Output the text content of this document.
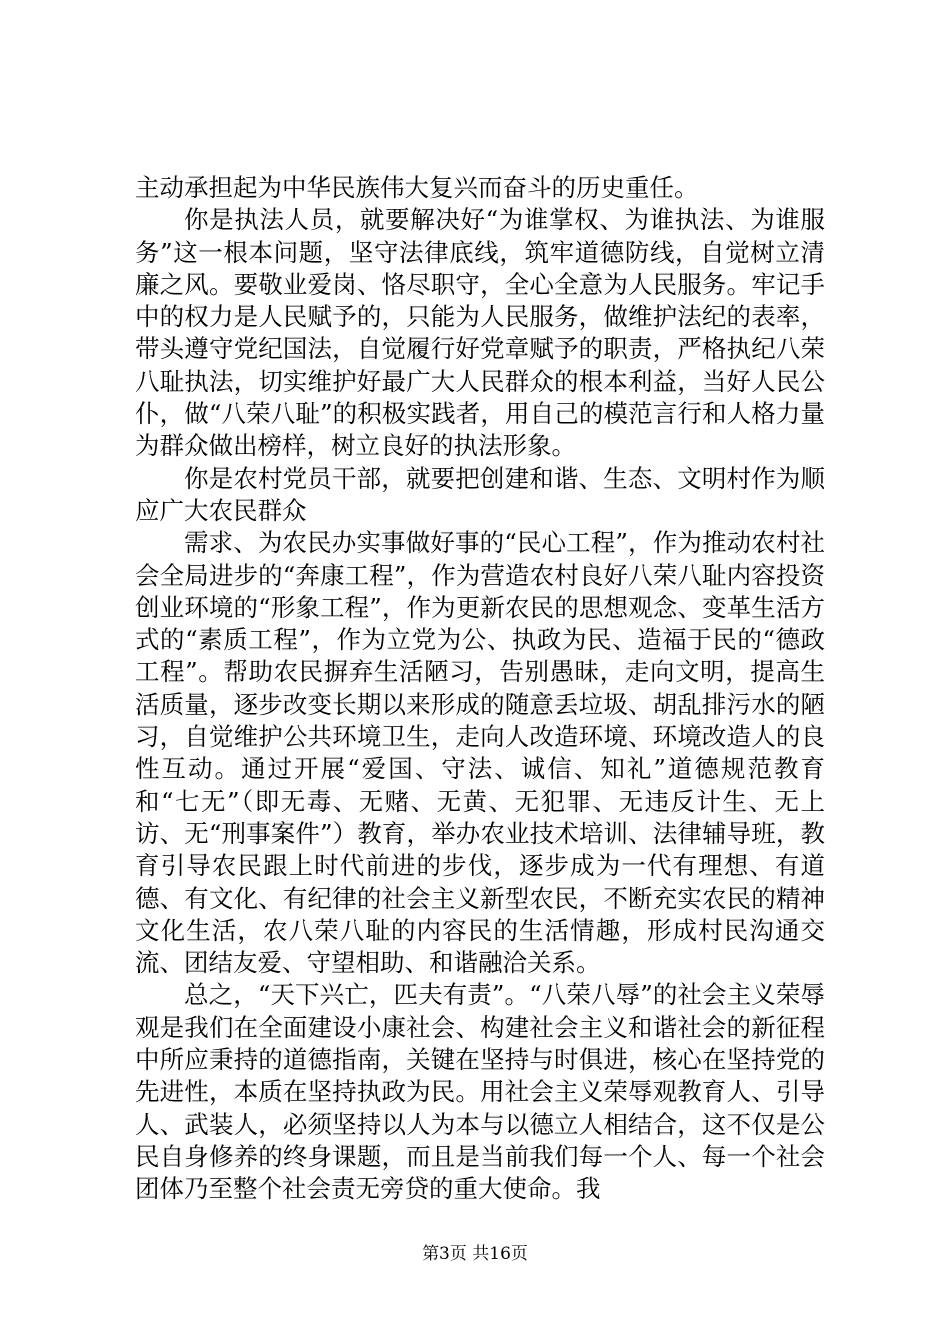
主动承担起为中华民族伟大复兴而奋斗的历史重任。

你是执法人员，就要解决好“为谁掌权、为谁执法、为谁服务”这一根本问题，坚守法律底线，筑牢道德防线，自觉树立清廉之风。要敬业爱岗、恪尽职守，全心全意为人民服务。牢记手中的权力是人民赋予的，只能为人民服务，做维护法纪的表率，带头遵守党纪国法，自觉履行好党章赋予的职责，严格执纪八荣八耻执法，切实维护好最广大人民群众的根本利益，当好人民公仆，做“八荣八耻”的积极实践者，用自己的模范言行和人格力量为群众做出榜样，树立良好的执法形象。

你是农村党员干部，就要把创建和谐、生态、文明村作为顺应广大农民群众

需求、为农民办实事做好事的“民心工程”，作为推动农村社会全局进步的“奔康工程”，作为营造农村良好八荣八耻内容投资创业环境的“形象工程”，作为更新农民的思想观念、变革生活方式的“素质工程”，作为立党为公、执政为民、造福于民的“德政工程”。帮助农民摒弃生活陋习，告别愚昧，走向文明，提高生活质量，逐步改变长期以来形成的随意丢垃圾、胡乱排污水的陋习，自觉维护公共环境卫生，走向人改造环境、环境改造人的良性互动。通过开展“爱国、守法、诚信、知礼”道德规范教育和“七无”（即无毒、无赌、无黄、无犯罪、无违反计生、无上访、无“刑事案件”）教育，举办农业技术培训、法律辅导班，教育引导农民跟上时代前进的步伐，逐步成为一代有理想、有道德、有文化、有纪律的社会主义新型农民，不断充实农民的精神文化生活，农八荣八耻的内容民的生活情趣，形成村民沟通交流、团结友爱、守望相助、和谐融洽关系。

总之，“天下兴亡，匹夫有责”。“八荣八辱”的社会主义荣辱观是我们在全面建设小康社会、构建社会主义和谐社会的新征程中所应秉持的道德指南，关键在坚持与时俱进，核心在坚持党的先进性，本质在坚持执政为民。用社会主义荣辱观教育人、引导人、武装人，必须坚持以人为本与以德立人相结合，这不仅是公民自身修养的终身课题，而且是当前我们每一个人、每一个社会团体乃至整个社会责无旁贷的重大使命。我

第3页 共16页
